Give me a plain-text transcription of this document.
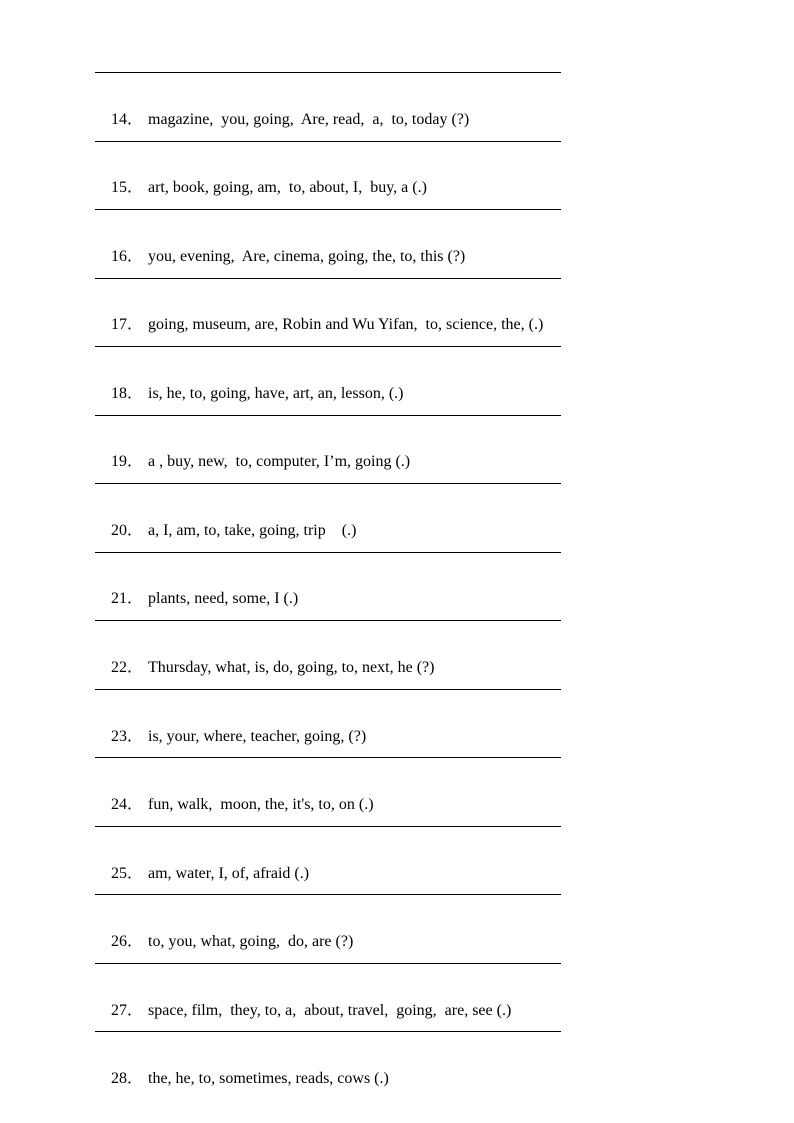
14． magazine,  you, going,  Are, read,  a,  to, today (?)

15． art, book, going, am,  to, about, I,  buy, a (.)

16． you, evening,  Are, cinema, going, the, to, this (?)

17． going, museum, are, Robin and Wu Yifan,  to, science, the, (.)

18． is, he, to, going, have, art, an, lesson, (.)

19． a , buy, new,  to, computer, I’m, going (.)

20． a, I, am, to, take, going, trip    (.)

21． plants, need, some, I (.)

22． Thursday, what, is, do, going, to, next, he (?)

23． is, your, where, teacher, going, (?)

24． fun, walk,  moon, the, it's, to, on (.)

25． am, water, I, of, afraid (.)

26． to, you, what, going,  do, are (?)

27． space, film,  they, to, a,  about, travel,  going,  are, see (.)

28． the, he, to, sometimes, reads, cows (.)
